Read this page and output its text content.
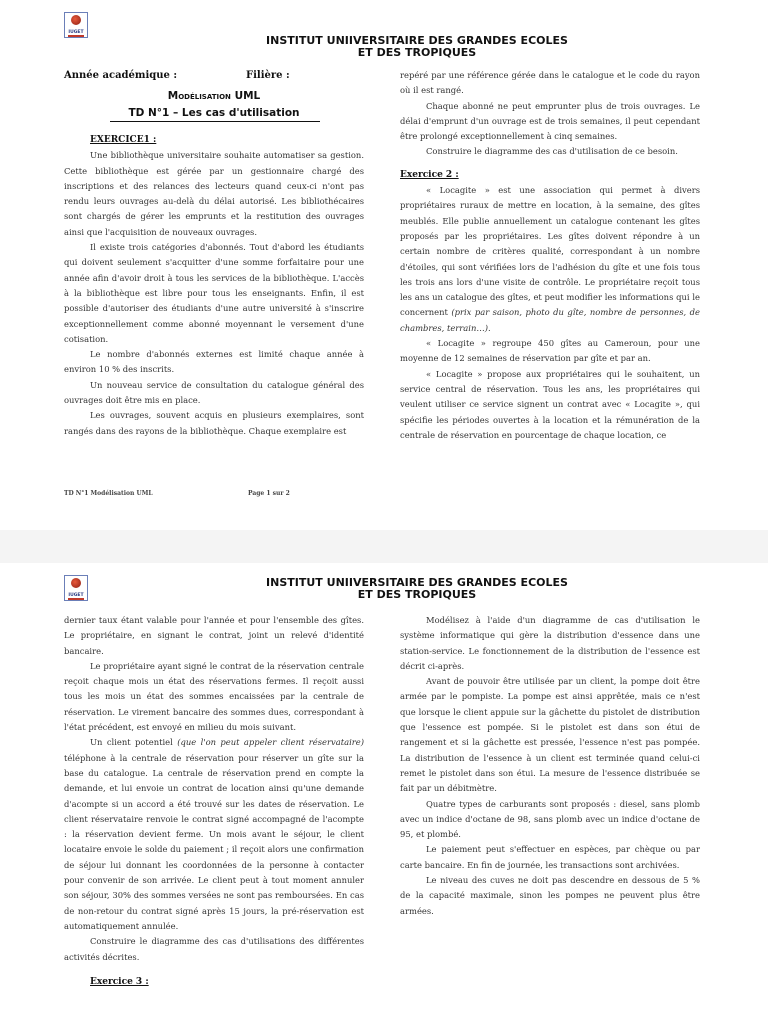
IUGET
INSTITUT UNIIVERSITAIRE DES GRANDES ECOLES
ET DES TROPIQUES
Année académique :	Filière :
Modélisation UML
TD N°1 – Les cas d'utilisation
EXERCICE1 :

Une bibliothèque universitaire souhaite automatiser sa gestion. Cette bibliothèque est gérée par un gestionnaire chargé des inscriptions et des relances des lecteurs quand ceux-ci n'ont pas rendu leurs ouvrages au-delà du délai autorisé. Les bibliothécaires sont chargés de gérer les emprunts et la restitution des ouvrages ainsi que l'acquisition de nouveaux ouvrages.

Il existe trois catégories d'abonnés. Tout d'abord les étudiants qui doivent seulement s'acquitter d'une somme forfaitaire pour une année afin d'avoir droit à tous les services de la bibliothèque. L'accès à la bibliothèque est libre pour tous les enseignants. Enfin, il est possible d'autoriser des étudiants d'une autre université à s'inscrire exceptionnellement comme abonné moyennant le versement d'une cotisation.

Le nombre d'abonnés externes est limité chaque année à environ 10 % des inscrits.

Un nouveau service de consultation du catalogue général des ouvrages doit être mis en place.

Les ouvrages, souvent acquis en plusieurs exemplaires, sont rangés dans des rayons de la bibliothèque. Chaque exemplaire est

repéré par une référence gérée dans le catalogue et le code du rayon où il est rangé.

Chaque abonné ne peut emprunter plus de trois ouvrages. Le délai d'emprunt d'un ouvrage est de trois semaines, il peut cependant être prolongé exceptionnellement à cinq semaines.

Construire le diagramme des cas d'utilisation de ce besoin.

Exercice 2 :

« Locagite » est une association qui permet à divers propriétaires ruraux de mettre en location, à la semaine, des gîtes meublés. Elle publie annuellement un catalogue contenant les gîtes proposés par les propriétaires. Les gîtes doivent répondre à un certain nombre de critères qualité, correspondant à un nombre d'étoiles, qui sont vérifiées lors de l'adhésion du gîte et une fois tous les trois ans lors d'une visite de contrôle. Le propriétaire reçoit tous les ans un catalogue des gîtes, et peut modifier les informations qui le concernent (prix par saison, photo du gîte, nombre de personnes, de chambres, terrain…).

« Locagite » regroupe 450 gîtes au Cameroun, pour une moyenne de 12 semaines de réservation par gîte et par an.

« Locagite » propose aux propriétaires qui le souhaitent, un service central de réservation. Tous les ans, les propriétaires qui veulent utiliser ce service signent un contrat avec « Locagite », qui spécifie les périodes ouvertes à la location et la rémunération de la centrale de réservation en pourcentage de chaque location, ce

TD N°1 Modélisation UML	Page 1 sur 2
IUGET
INSTITUT UNIIVERSITAIRE DES GRANDES ECOLES
ET DES TROPIQUES

dernier taux étant valable pour l'année et pour l'ensemble des gîtes. Le propriétaire, en signant le contrat, joint un relevé d'identité bancaire.

Le propriétaire ayant signé le contrat de la réservation centrale reçoit chaque mois un état des réservations fermes. Il reçoit aussi tous les mois un état des sommes encaissées par la centrale de réservation. Le virement bancaire des sommes dues, correspondant à l'état précédent, est envoyé en milieu du mois suivant.

Un client potentiel (que l'on peut appeler client réservataire) téléphone à la centrale de réservation pour réserver un gîte sur la base du catalogue. La centrale de réservation prend en compte la demande, et lui envoie un contrat de location ainsi qu'une demande d'acompte si un accord a été trouvé sur les dates de réservation. Le client réservataire renvoie le contrat signé accompagné de l'acompte : la réservation devient ferme. Un mois avant le séjour, le client locataire envoie le solde du paiement ; il reçoit alors une confirmation de séjour lui donnant les coordonnées de la personne à contacter pour convenir de son arrivée. Le client peut à tout moment annuler son séjour, 30% des sommes versées ne sont pas remboursées. En cas de non-retour du contrat signé après 15 jours, la pré-réservation est automatiquement annulée.

Construire le diagramme des cas d'utilisations des différentes activités décrites.

Exercice 3 :

Modélisez à l'aide d'un diagramme de cas d'utilisation le système informatique qui gère la distribution d'essence dans une station-service. Le fonctionnement de la distribution de l'essence est décrit ci-après.

Avant de pouvoir être utilisée par un client, la pompe doit être armée par le pompiste. La pompe est ainsi apprêtée, mais ce n'est que lorsque le client appuie sur la gâchette du pistolet de distribution que l'essence est pompée. Si le pistolet est dans son étui de rangement et si la gâchette est pressée, l'essence n'est pas pompée. La distribution de l'essence à un client est terminée quand celui-ci remet le pistolet dans son étui. La mesure de l'essence distribuée se fait par un débitmètre.

Quatre types de carburants sont proposés : diesel, sans plomb avec un indice d'octane de 98, sans plomb avec un indice d'octane de 95, et plombé.

Le paiement peut s'effectuer en espèces, par chèque ou par carte bancaire. En fin de journée, les transactions sont archivées.

Le niveau des cuves ne doit pas descendre en dessous de 5 % de la capacité maximale, sinon les pompes ne peuvent plus être armées.
